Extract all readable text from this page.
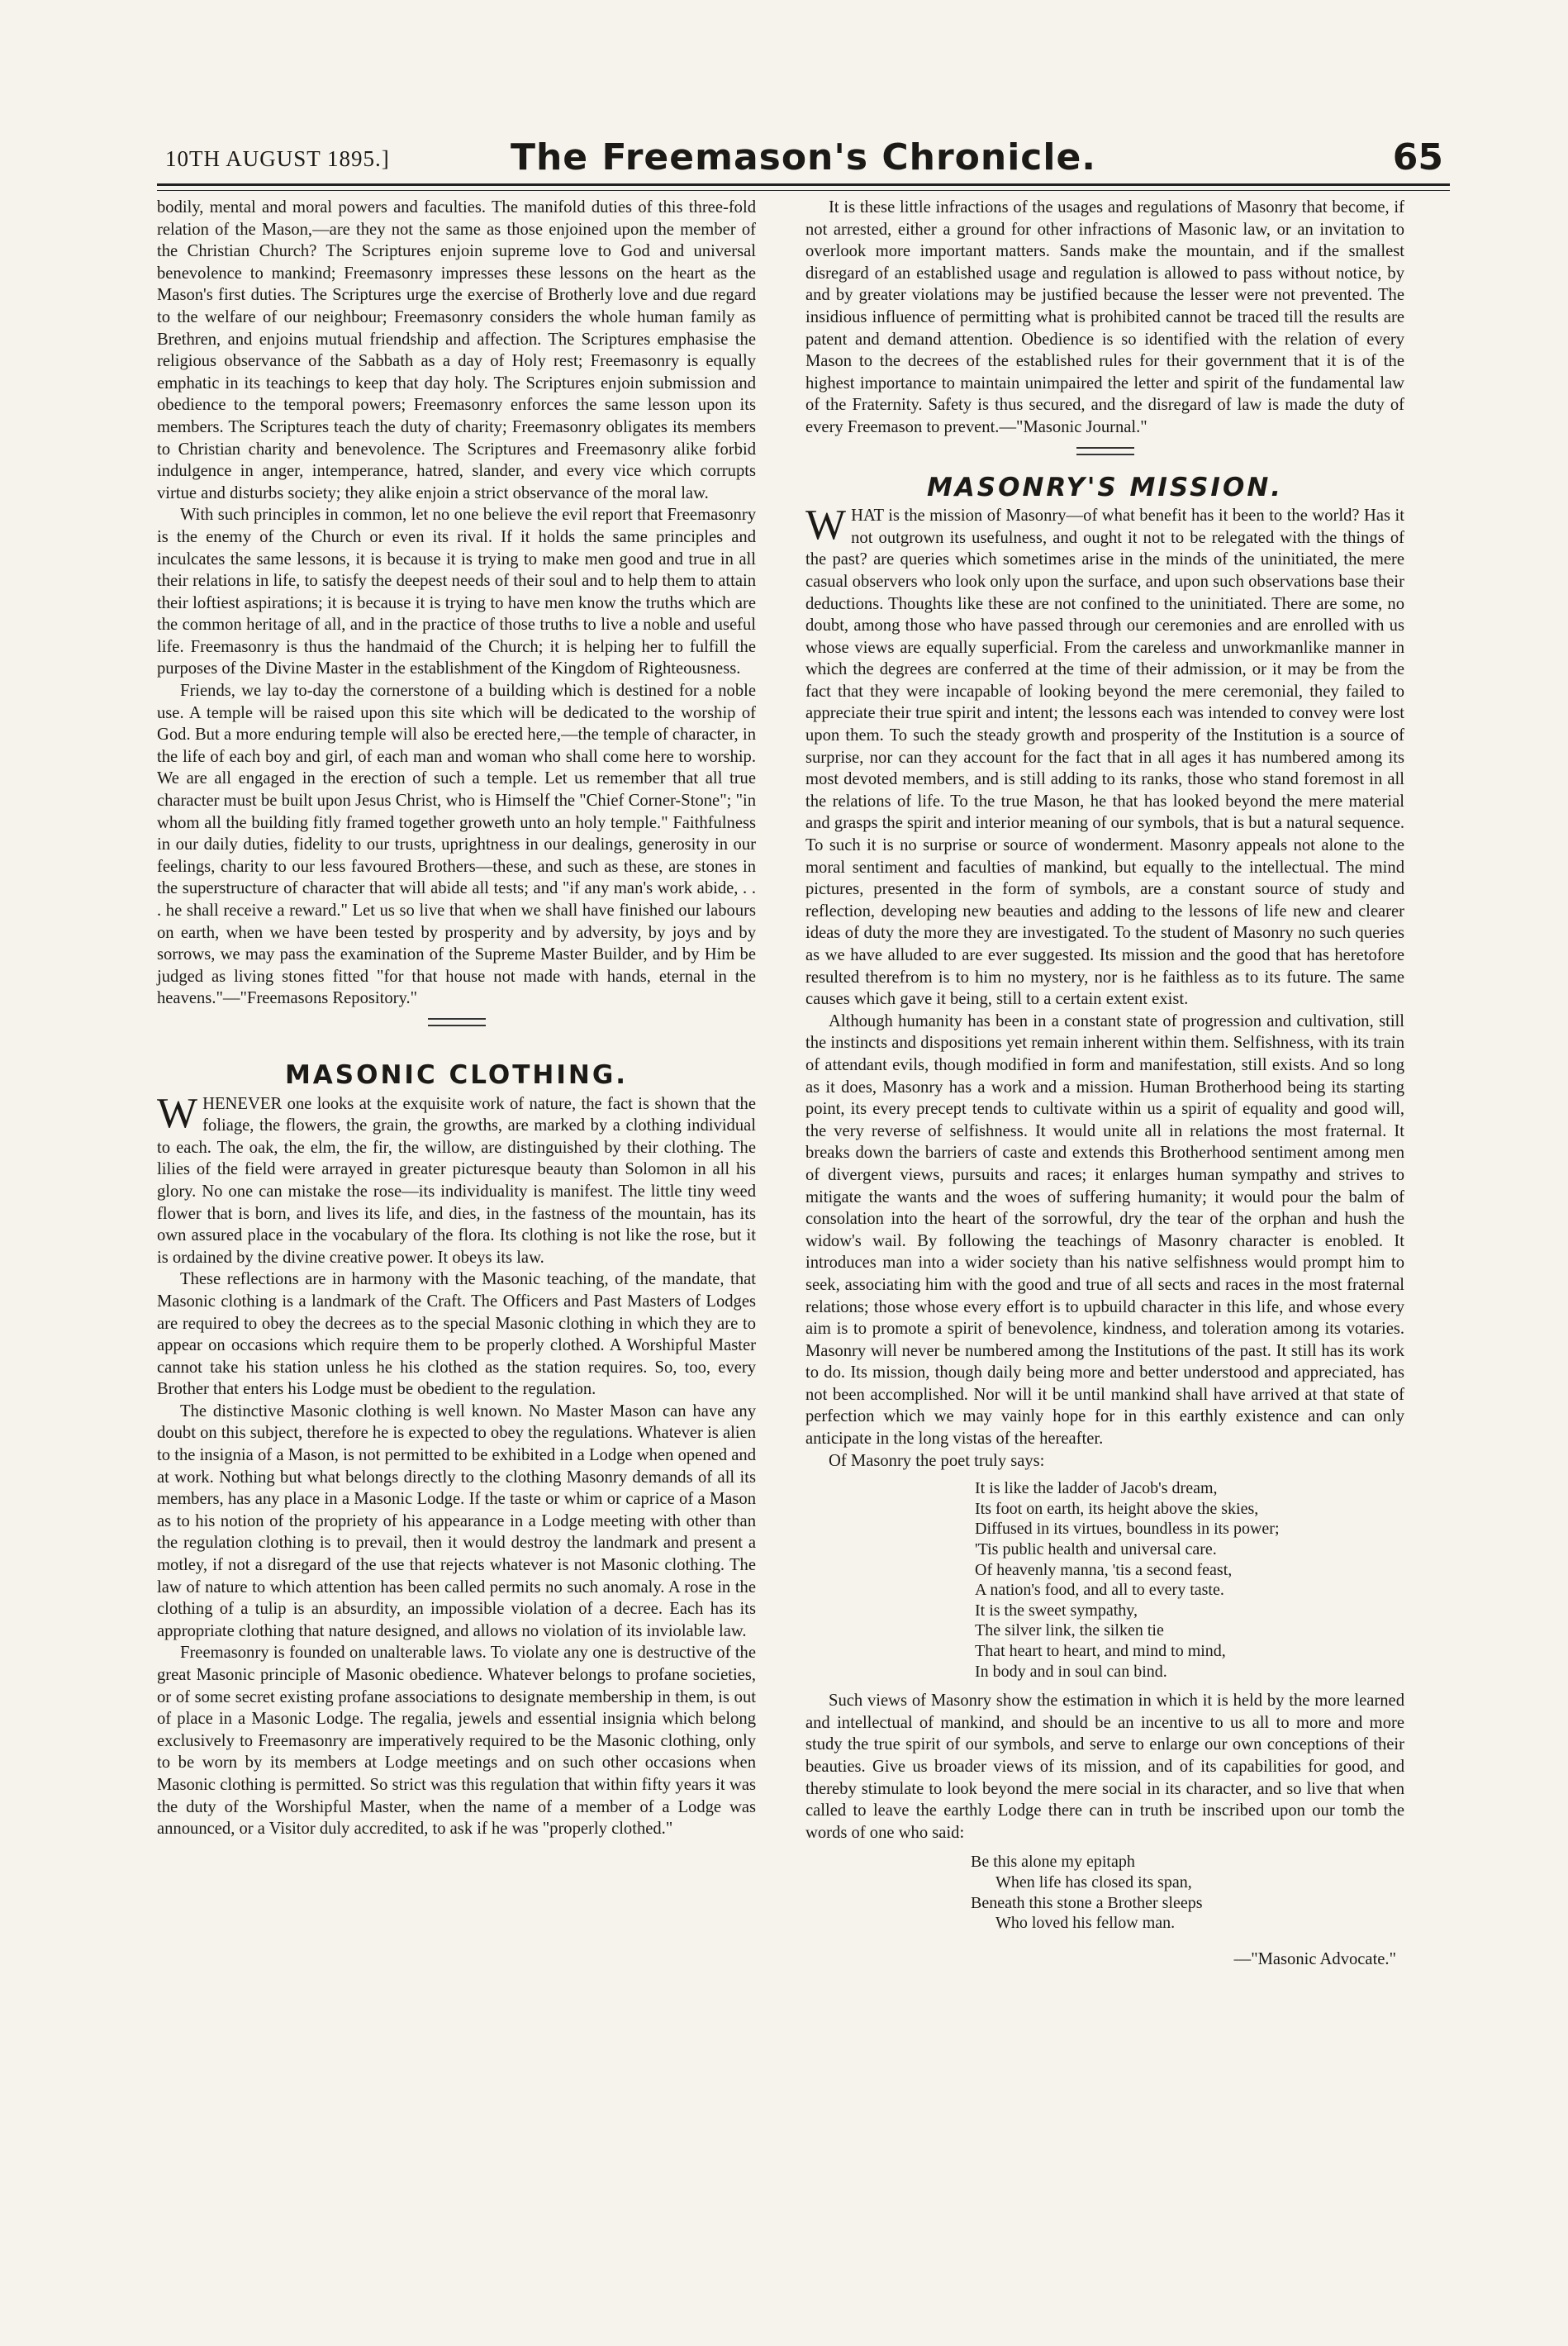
10TH AUGUST 1895.]	The Freemason's Chronicle.	65

bodily, mental and moral powers and faculties. The manifold duties of this three-fold relation of the Mason,—are they not the same as those enjoined upon the member of the Christian Church? The Scriptures enjoin supreme love to God and universal benevolence to mankind; Freemasonry impresses these lessons on the heart as the Mason's first duties. The Scriptures urge the exercise of Brotherly love and due regard to the welfare of our neighbour; Freemasonry considers the whole human family as Brethren, and enjoins mutual friendship and affection. The Scriptures emphasise the religious observance of the Sabbath as a day of Holy rest; Freemasonry is equally emphatic in its teachings to keep that day holy. The Scriptures enjoin submission and obedience to the temporal powers; Freemasonry enforces the same lesson upon its members. The Scriptures teach the duty of charity; Freemasonry obligates its members to Christian charity and benevolence. The Scriptures and Freemasonry alike forbid indulgence in anger, intemperance, hatred, slander, and every vice which corrupts virtue and disturbs society; they alike enjoin a strict observance of the moral law.

With such principles in common, let no one believe the evil report that Freemasonry is the enemy of the Church or even its rival. If it holds the same principles and inculcates the same lessons, it is because it is trying to make men good and true in all their relations in life, to satisfy the deepest needs of their soul and to help them to attain their loftiest aspirations; it is because it is trying to have men know the truths which are the common heritage of all, and in the practice of those truths to live a noble and useful life. Freemasonry is thus the handmaid of the Church; it is helping her to fulfill the purposes of the Divine Master in the establishment of the Kingdom of Righteousness.

Friends, we lay to-day the cornerstone of a building which is destined for a noble use. A temple will be raised upon this site which will be dedicated to the worship of God. But a more enduring temple will also be erected here,—the temple of character, in the life of each boy and girl, of each man and woman who shall come here to worship. We are all engaged in the erection of such a temple. Let us remember that all true character must be built upon Jesus Christ, who is Himself the "Chief Corner-Stone"; "in whom all the building fitly framed together groweth unto an holy temple." Faithfulness in our daily duties, fidelity to our trusts, uprightness in our dealings, generosity in our feelings, charity to our less favoured Brothers—these, and such as these, are stones in the superstructure of character that will abide all tests; and "if any man's work abide, . . . he shall receive a reward." Let us so live that when we shall have finished our labours on earth, when we have been tested by prosperity and by adversity, by joys and by sorrows, we may pass the examination of the Supreme Master Builder, and by Him be judged as living stones fitted "for that house not made with hands, eternal in the heavens."—"Freemasons Repository."

MASONIC CLOTHING.

WHENEVER one looks at the exquisite work of nature, the fact is shown that the foliage, the flowers, the grain, the growths, are marked by a clothing individual to each. The oak, the elm, the fir, the willow, are distinguished by their clothing. The lilies of the field were arrayed in greater picturesque beauty than Solomon in all his glory. No one can mistake the rose—its individuality is manifest. The little tiny weed flower that is born, and lives its life, and dies, in the fastness of the mountain, has its own assured place in the vocabulary of the flora. Its clothing is not like the rose, but it is ordained by the divine creative power. It obeys its law.

These reflections are in harmony with the Masonic teaching, of the mandate, that Masonic clothing is a landmark of the Craft. The Officers and Past Masters of Lodges are required to obey the decrees as to the special Masonic clothing in which they are to appear on occasions which require them to be properly clothed. A Worshipful Master cannot take his station unless he his clothed as the station requires. So, too, every Brother that enters his Lodge must be obedient to the regulation.

The distinctive Masonic clothing is well known. No Master Mason can have any doubt on this subject, therefore he is expected to obey the regulations. Whatever is alien to the insignia of a Mason, is not permitted to be exhibited in a Lodge when opened and at work. Nothing but what belongs directly to the clothing Masonry demands of all its members, has any place in a Masonic Lodge. If the taste or whim or caprice of a Mason as to his notion of the propriety of his appearance in a Lodge meeting with other than the regulation clothing is to prevail, then it would destroy the landmark and present a motley, if not a disregard of the use that rejects whatever is not Masonic clothing. The law of nature to which attention has been called permits no such anomaly. A rose in the clothing of a tulip is an absurdity, an impossible violation of a decree. Each has its appropriate clothing that nature designed, and allows no violation of its inviolable law.

Freemasonry is founded on unalterable laws. To violate any one is destructive of the great Masonic principle of Masonic obedience. Whatever belongs to profane societies, or of some secret existing profane associations to designate membership in them, is out of place in a Masonic Lodge. The regalia, jewels and essential insignia which belong exclusively to Freemasonry are imperatively required to be the Masonic clothing, only to be worn by its members at Lodge meetings and on such other occasions when Masonic clothing is permitted. So strict was this regulation that within fifty years it was the duty of the Worshipful Master, when the name of a member of a Lodge was announced, or a Visitor duly accredited, to ask if he was "properly clothed."

It is these little infractions of the usages and regulations of Masonry that become, if not arrested, either a ground for other infractions of Masonic law, or an invitation to overlook more important matters. Sands make the mountain, and if the smallest disregard of an established usage and regulation is allowed to pass without notice, by and by greater violations may be justified because the lesser were not prevented. The insidious influence of permitting what is prohibited cannot be traced till the results are patent and demand attention. Obedience is so identified with the relation of every Mason to the decrees of the established rules for their government that it is of the highest importance to maintain unimpaired the letter and spirit of the fundamental law of the Fraternity. Safety is thus secured, and the disregard of law is made the duty of every Freemason to prevent.—"Masonic Journal."

MASONRY'S MISSION.

WHAT is the mission of Masonry—of what benefit has it been to the world? Has it not outgrown its usefulness, and ought it not to be relegated with the things of the past? are queries which sometimes arise in the minds of the uninitiated, the mere casual observers who look only upon the surface, and upon such observations base their deductions. Thoughts like these are not confined to the uninitiated. There are some, no doubt, among those who have passed through our ceremonies and are enrolled with us whose views are equally superficial. From the careless and unworkmanlike manner in which the degrees are conferred at the time of their admission, or it may be from the fact that they were incapable of looking beyond the mere ceremonial, they failed to appreciate their true spirit and intent; the lessons each was intended to convey were lost upon them. To such the steady growth and prosperity of the Institution is a source of surprise, nor can they account for the fact that in all ages it has numbered among its most devoted members, and is still adding to its ranks, those who stand foremost in all the relations of life. To the true Mason, he that has looked beyond the mere material and grasps the spirit and interior meaning of our symbols, that is but a natural sequence. To such it is no surprise or source of wonderment. Masonry appeals not alone to the moral sentiment and faculties of mankind, but equally to the intellectual. The mind pictures, presented in the form of symbols, are a constant source of study and reflection, developing new beauties and adding to the lessons of life new and clearer ideas of duty the more they are investigated. To the student of Masonry no such queries as we have alluded to are ever suggested. Its mission and the good that has heretofore resulted therefrom is to him no mystery, nor is he faithless as to its future. The same causes which gave it being, still to a certain extent exist.

Although humanity has been in a constant state of progression and cultivation, still the instincts and dispositions yet remain inherent within them. Selfishness, with its train of attendant evils, though modified in form and manifestation, still exists. And so long as it does, Masonry has a work and a mission. Human Brotherhood being its starting point, its every precept tends to cultivate within us a spirit of equality and good will, the very reverse of selfishness. It would unite all in relations the most fraternal. It breaks down the barriers of caste and extends this Brotherhood sentiment among men of divergent views, pursuits and races; it enlarges human sympathy and strives to mitigate the wants and the woes of suffering humanity; it would pour the balm of consolation into the heart of the sorrowful, dry the tear of the orphan and hush the widow's wail. By following the teachings of Masonry character is enobled. It introduces man into a wider society than his native selfishness would prompt him to seek, associating him with the good and true of all sects and races in the most fraternal relations; those whose every effort is to upbuild character in this life, and whose every aim is to promote a spirit of benevolence, kindness, and toleration among its votaries. Masonry will never be numbered among the Institutions of the past. It still has its work to do. Its mission, though daily being more and better understood and appreciated, has not been accomplished. Nor will it be until mankind shall have arrived at that state of perfection which we may vainly hope for in this earthly existence and can only anticipate in the long vistas of the hereafter.

Of Masonry the poet truly says:

It is like the ladder of Jacob's dream,
Its foot on earth, its height above the skies,
Diffused in its virtues, boundless in its power;
'Tis public health and universal care.
Of heavenly manna, 'tis a second feast,
A nation's food, and all to every taste.
It is the sweet sympathy,
The silver link, the silken tie
That heart to heart, and mind to mind,
In body and in soul can bind.

Such views of Masonry show the estimation in which it is held by the more learned and intellectual of mankind, and should be an incentive to us all to more and more study the true spirit of our symbols, and serve to enlarge our own conceptions of their beauties. Give us broader views of its mission, and of its capabilities for good, and thereby stimulate to look beyond the mere social in its character, and so live that when called to leave the earthly Lodge there can in truth be inscribed upon our tomb the words of one who said:

Be this alone my epitaph
When life has closed its span,
Beneath this stone a Brother sleeps
Who loved his fellow man.
—"Masonic Advocate."
